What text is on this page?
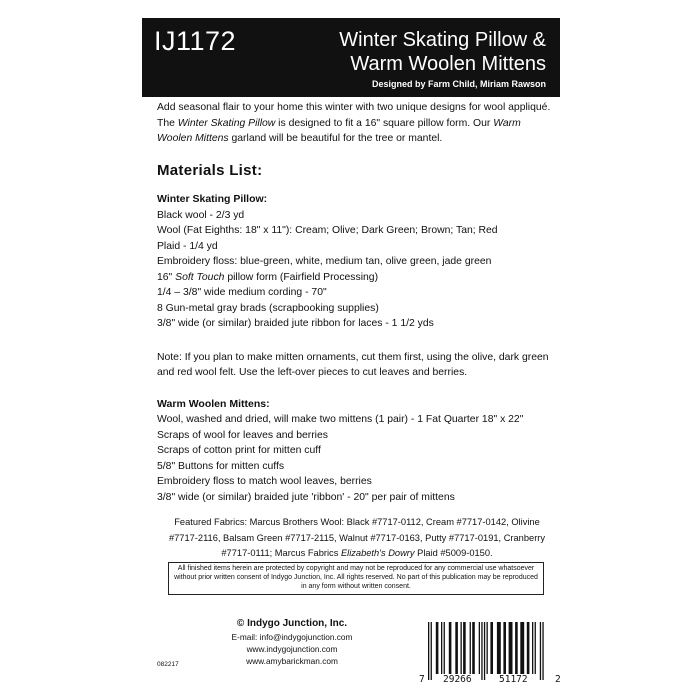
IJ1172	Winter Skating Pillow &
Warm Woolen Mittens
Designed by Farm Child, Miriam Rawson

Add seasonal flair to your home this winter with two unique designs for wool appliqué. The Winter Skating Pillow is designed to fit a 16" square pillow form. Our Warm Woolen Mittens garland will be beautiful for the tree or mantel.

Materials List:
Winter Skating Pillow:
Black wool - 2/3 yd
Wool (Fat Eighths: 18" x 11"): Cream; Olive; Dark Green; Brown; Tan; Red
Plaid - 1/4 yd
Embroidery floss: blue-green, white, medium tan, olive green, jade green
16" Soft Touch pillow form (Fairfield Processing)
1/4 – 3/8" wide medium cording - 70"
8 Gun-metal gray brads (scrapbooking supplies)
3/8" wide (or similar) braided jute ribbon for laces - 1 1/2 yds

Note: If you plan to make mitten ornaments, cut them first, using the olive, dark green and red wool felt. Use the left-over pieces to cut leaves and berries.

Warm Woolen Mittens:
Wool, washed and dried, will make two mittens (1 pair) - 1 Fat Quarter 18" x 22"
Scraps of wool for leaves and berries
Scraps of cotton print for mitten cuff
5/8" Buttons for mitten cuffs
Embroidery floss to match wool leaves, berries
3/8" wide (or similar) braided jute 'ribbon' - 20" per pair of mittens
Featured Fabrics: Marcus Brothers Wool: Black #7717-0112, Cream #7717-0142, Olivine #7717-2116, Balsam Green #7717-2115, Walnut #7717-0163, Putty #7717-0191, Cranberry #7717-0111; Marcus Fabrics Elizabeth's Dowry Plaid #5009-0150.
All finished items herein are protected by copyright and may not be reproduced for any commercial use whatsoever without prior written consent of Indygo Junction, Inc. All rights reserved. No part of this publication may be reproduced in any form without written consent.
© Indygo Junction, Inc.
E-mail: info@indygojunction.com
www.indygojunction.com
www.amybarickman.com
082217
7 29266	51172	2
